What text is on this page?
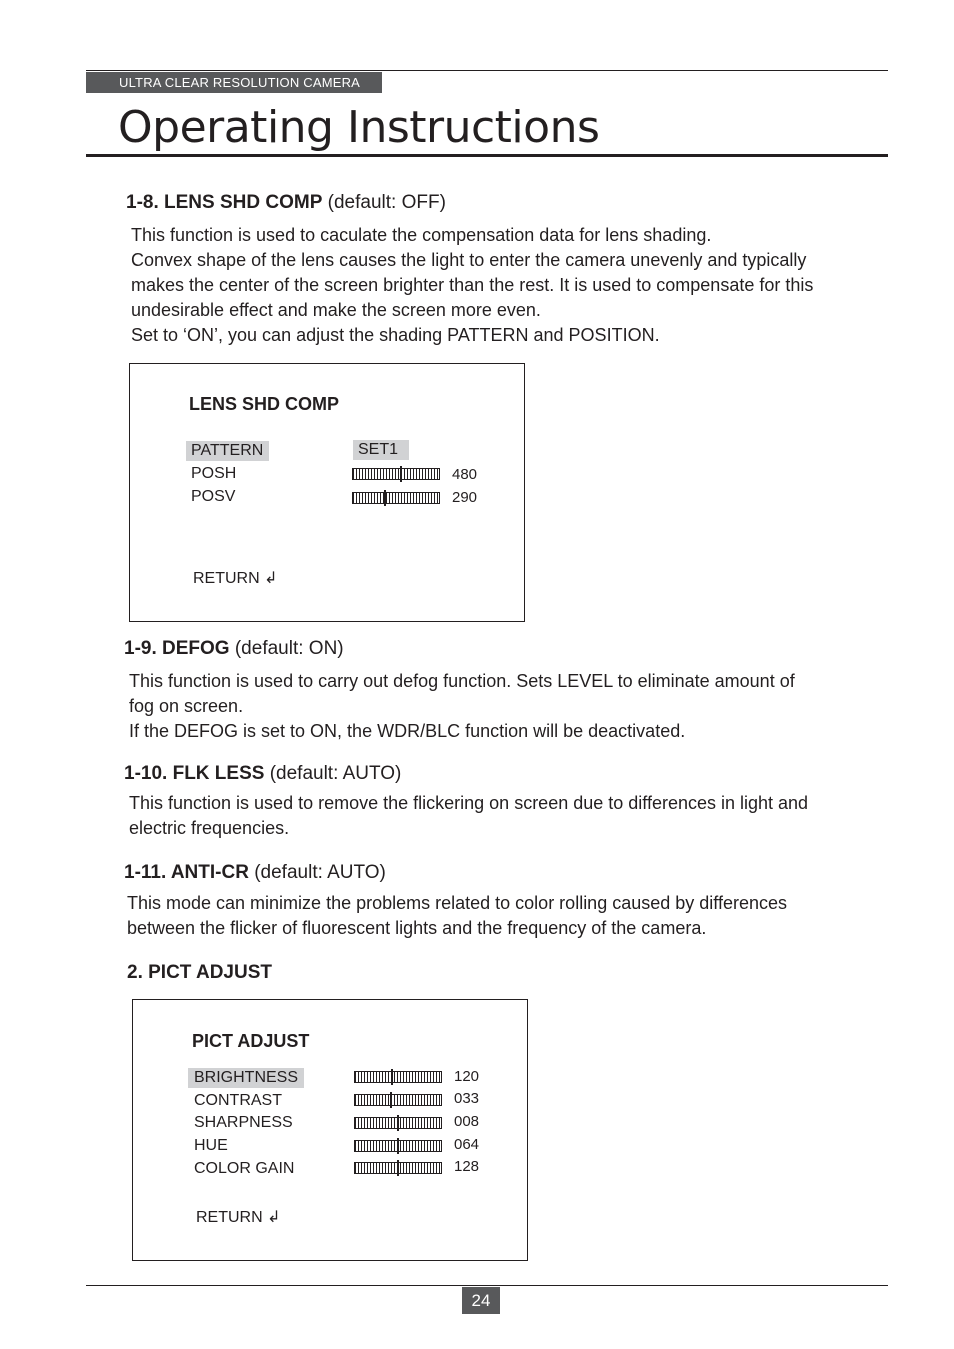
ULTRA CLEAR RESOLUTION CAMERA
Operating Instructions
1-8. LENS SHD COMP (default: OFF)
This function is used to caculate the compensation data for lens shading.
Convex shape of the lens causes the light to enter the camera unevenly and typically
makes the center of the screen brighter than the rest. It is used to compensate for this
undesirable effect and make the screen more even.
Set to ‘ON’, you can adjust the shading PATTERN and POSITION.
LENS SHD COMP
PATTERN	SET1
POSH	480
POSV	290
RETURN ↲
1-9. DEFOG (default: ON)
This function is used to carry out defog function. Sets LEVEL to eliminate amount of
fog on screen.
If the DEFOG is set to ON, the WDR/BLC function will be deactivated.
1-10. FLK LESS (default: AUTO)
This function is used to remove the flickering on screen due to differences in light and
electric frequencies.
1-11. ANTI-CR (default: AUTO)
This mode can minimize the problems related to color rolling caused by differences
between the flicker of fluorescent lights and the frequency of the camera.
2. PICT ADJUST
PICT ADJUST
BRIGHTNESS	120
CONTRAST	033
SHARPNESS	008
HUE	064
COLOR GAIN	128
RETURN ↲
24
